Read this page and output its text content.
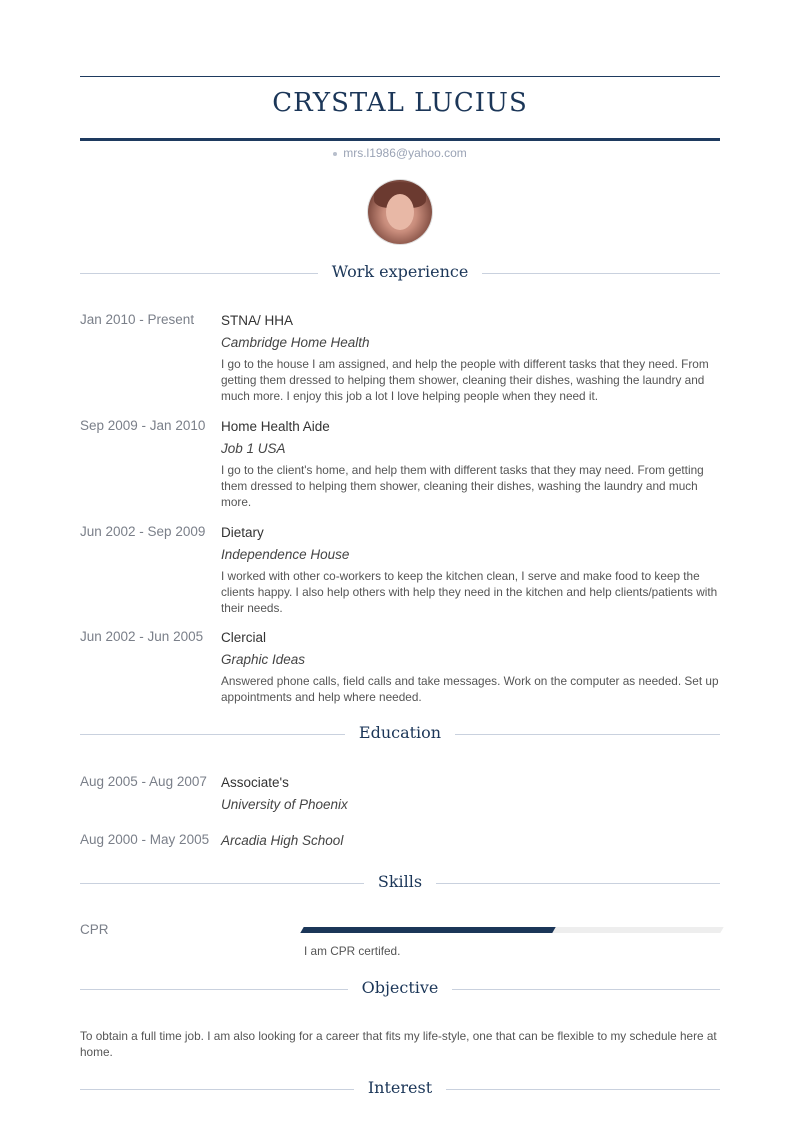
CRYSTAL LUCIUS
mrs.l1986@yahoo.com
Work experience
Jan 2010 - Present	STNA/ HHA
Cambridge Home Health
I go to the house I am assigned, and help the people with different tasks that they need. From getting them dressed to helping them shower, cleaning their dishes, washing the laundry and much more. I enjoy this job a lot I love helping people when they need it.
Sep 2009 - Jan 2010	Home Health Aide
Job 1 USA
I go to the client's home, and help them with different tasks that they may need. From getting them dressed to helping them shower, cleaning their dishes, washing the laundry and much more.
Jun 2002 - Sep 2009	Dietary
Independence House
I worked with other co-workers to keep the kitchen clean, I serve and make food to keep the clients happy. I also help others with help they need in the kitchen and help clients/patients with their needs.
Jun 2002 - Jun 2005	Clercial
Graphic Ideas
Answered phone calls, field calls and take messages. Work on the computer as needed. Set up appointments and help where needed.
Education
Aug 2005 - Aug 2007	Associate's
University of Phoenix
Aug 2000 - May 2005 Arcadia High School
Skills
CPR
I am CPR certifed.
Objective
To obtain a full time job. I am also looking for a career that fits my life-style, one that can be flexible to my schedule here at home.
Interest
